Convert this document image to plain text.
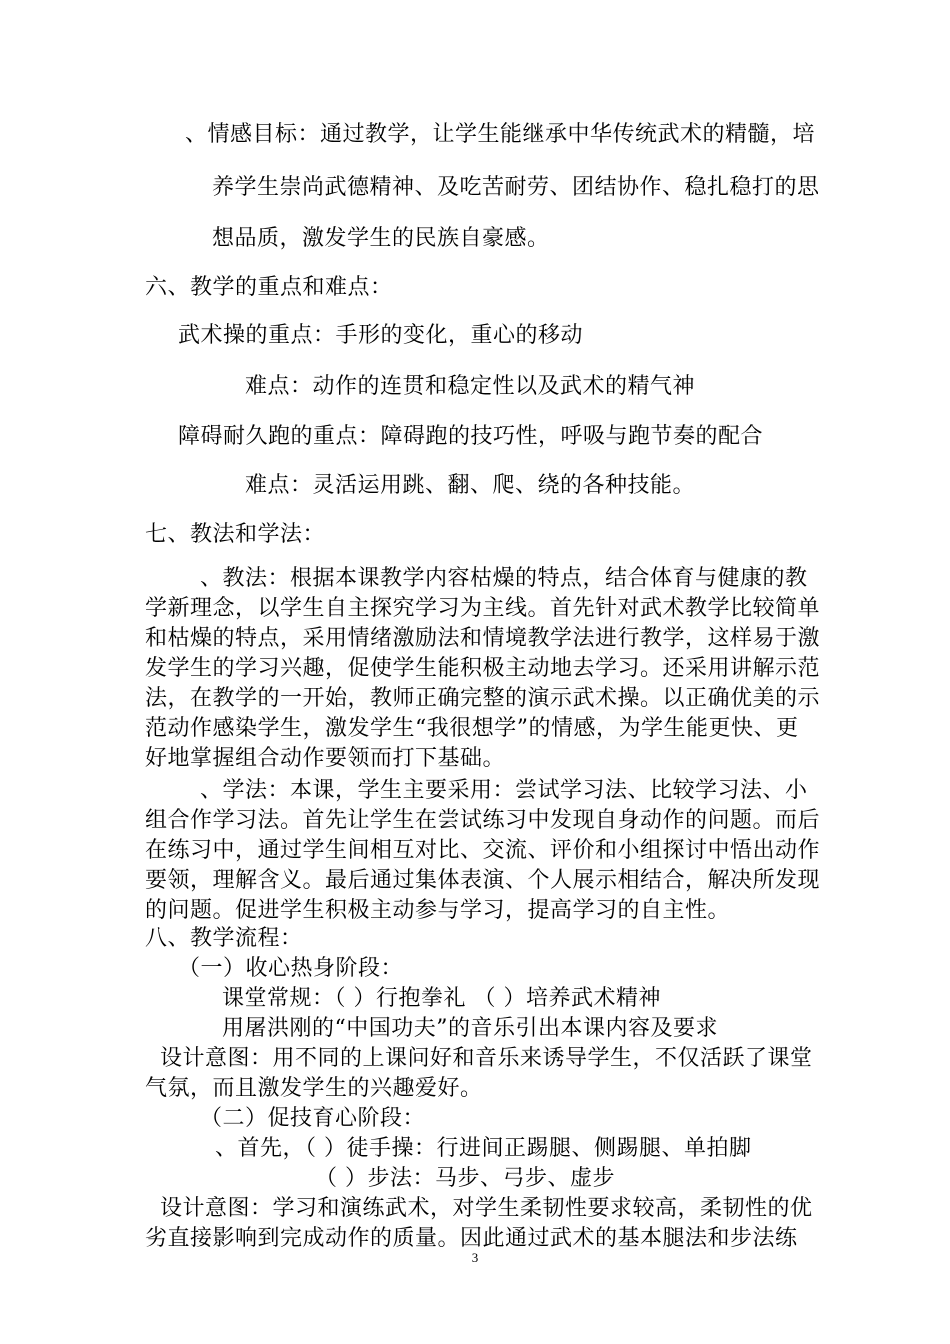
、情感目标：通过教学，让学生能继承中华传统武术的精髓，培
养学生崇尚武德精神、及吃苦耐劳、团结协作、稳扎稳打的思
想品质，激发学生的民族自豪感。
六、教学的重点和难点：
武术操的重点：手形的变化，重心的移动
难点：动作的连贯和稳定性以及武术的精气神
障碍耐久跑的重点：障碍跑的技巧性，呼吸与跑节奏的配合
难点：灵活运用跳、翻、爬、绕的各种技能。
七、教法和学法：
、教法：根据本课教学内容枯燥的特点，结合体育与健康的教
学新理念，以学生自主探究学习为主线。首先针对武术教学比较简单
和枯燥的特点，采用情绪激励法和情境教学法进行教学，这样易于激
发学生的学习兴趣，促使学生能积极主动地去学习。还采用讲解示范
法，在教学的一开始，教师正确完整的演示武术操。以正确优美的示
范动作感染学生，激发学生“我很想学”的情感，为学生能更快、更
好地掌握组合动作要领而打下基础。
、学法：本课，学生主要采用：尝试学习法、比较学习法、小
组合作学习法。首先让学生在尝试练习中发现自身动作的问题。而后
在练习中，通过学生间相互对比、交流、评价和小组探讨中悟出动作
要领，理解含义。最后通过集体表演、个人展示相结合，解决所发现
的问题。促进学生积极主动参与学习，提高学习的自主性。
八、教学流程：
（一）收心热身阶段：
课堂常规：（ ）行抱拳礼 （ ）培养武术精神
用屠洪刚的“中国功夫”的音乐引出本课内容及要求
设计意图：用不同的上课问好和音乐来诱导学生，不仅活跃了课堂
气氛，而且激发学生的兴趣爱好。
（二）促技育心阶段：
、首先，（ ）徒手操：行进间正踢腿、侧踢腿、单拍脚
（ ）步法：马步、弓步、虚步
设计意图：学习和演练武术，对学生柔韧性要求较高，柔韧性的优
劣直接影响到完成动作的质量。因此通过武术的基本腿法和步法练
3
